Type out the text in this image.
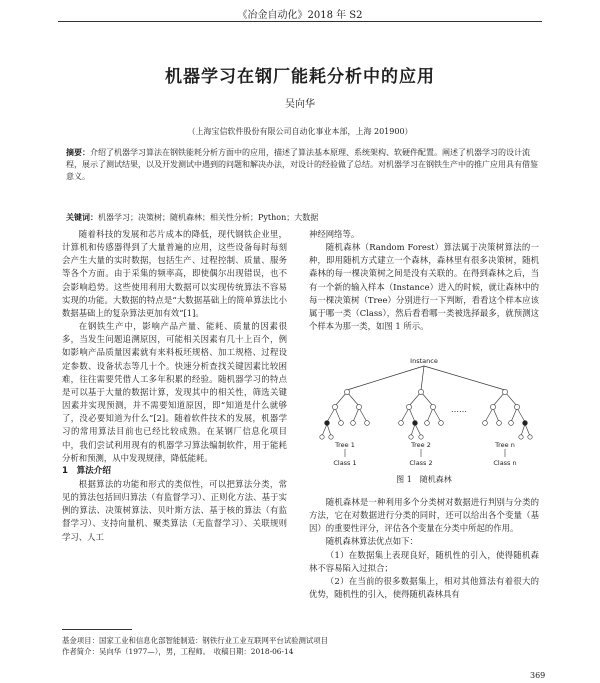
《冶金自动化》2018 年 S2
机器学习在钢厂能耗分析中的应用
吴向华
（上海宝信软件股份有限公司自动化事业本部，上海 201900）
摘要：介绍了机器学习算法在钢铁能耗分析方面中的应用，描述了算法基本原理、系统架构、软硬件配置。阐述了机器学习的设计流程，展示了测试结果，以及开发测试中遇到的问题和解决办法，对设计的经验做了总结。对机器学习在钢铁生产中的推广应用具有借鉴意义。
关键词：机器学习；决策树；随机森林；相关性分析；Python；大数据

随着科技的发展和芯片成本的降低，现代钢铁企业里，计算机和传感器得到了大量普遍的应用，这些设备每时每刻会产生大量的实时数据，包括生产、过程控制、质量、服务等各个方面。由于采集的频率高，即使偶尔出现错误，也不会影响趋势。这些使用利用大数据可以实现传统算法不容易实现的功能。大数据的特点是“大数据基础上的简单算法比小数据基础上的复杂算法更加有效”[1]。

在钢铁生产中，影响产品产量、能耗、质量的因素很多，当发生问题追溯原因，可能相关因素有几十上百个，例如影响产品质量因素就有来料板坯规格、加工规格、过程设定参数、设备状态等几十个。快速分析查找关键因素比较困难，往往需要凭借人工多年积累的经验。随机器学习的特点是可以基于大量的数据计算，发现其中的相关性，筛选关键因素并实现预测，并不需要知道原因，即“知道是什么就够了，没必要知道为什么”[2]。随着软件技术的发展，机器学习的常用算法目前也已经比较成熟。在某钢厂信息化项目中，我们尝试利用现有的机器学习算法编制软件，用于能耗分析和预测，从中发现规律，降低能耗。

1　算法介绍

根据算法的功能和形式的类似性，可以把算法分类，常见的算法包括回归算法（有监督学习）、正则化方法、基于实例的算法、决策树算法、贝叶斯方法、基于核的算法（有监督学习）、支持向量机、聚类算法（无监督学习）、关联规则学习、人工

神经网络等。

随机森林（Random Forest）算法属于决策树算法的一种，即用随机方式建立一个森林，森林里有很多决策树，随机森林的每一棵决策树之间是没有关联的。在得到森林之后，当有一个新的输入样本（Instance）进入的时候，就让森林中的每一棵决策树（Tree）分别进行一下判断，看看这个样本应该属于哪一类（Class），然后看看哪一类被选择最多，就预测这个样本为那一类，如图 1 所示。

Instance
……
Tree 1	Tree 2	Tree n
Class 1	Class 2	Class n
图 1　 随机森林

随机森林是一种利用多个分类树对数据进行判别与分类的方法，它在对数据进行分类的同时，还可以给出各个变量（基因）的重要性评分，评估各个变量在分类中所起的作用。

随机森林算法优点如下：

（1）在数据集上表现良好，随机性的引入，使得随机森林不容易陷入过拟合；

（2）在当前的很多数据集上，相对其他算法有着很大的优势，随机性的引入，使得随机森林具有

基金项目：国家工业和信息化部智能制造：钢铁行业工业互联网平台试验测试项目
作者简介：吴向华（1977—），男，工程师。　收稿日期：2018-06-14
369
